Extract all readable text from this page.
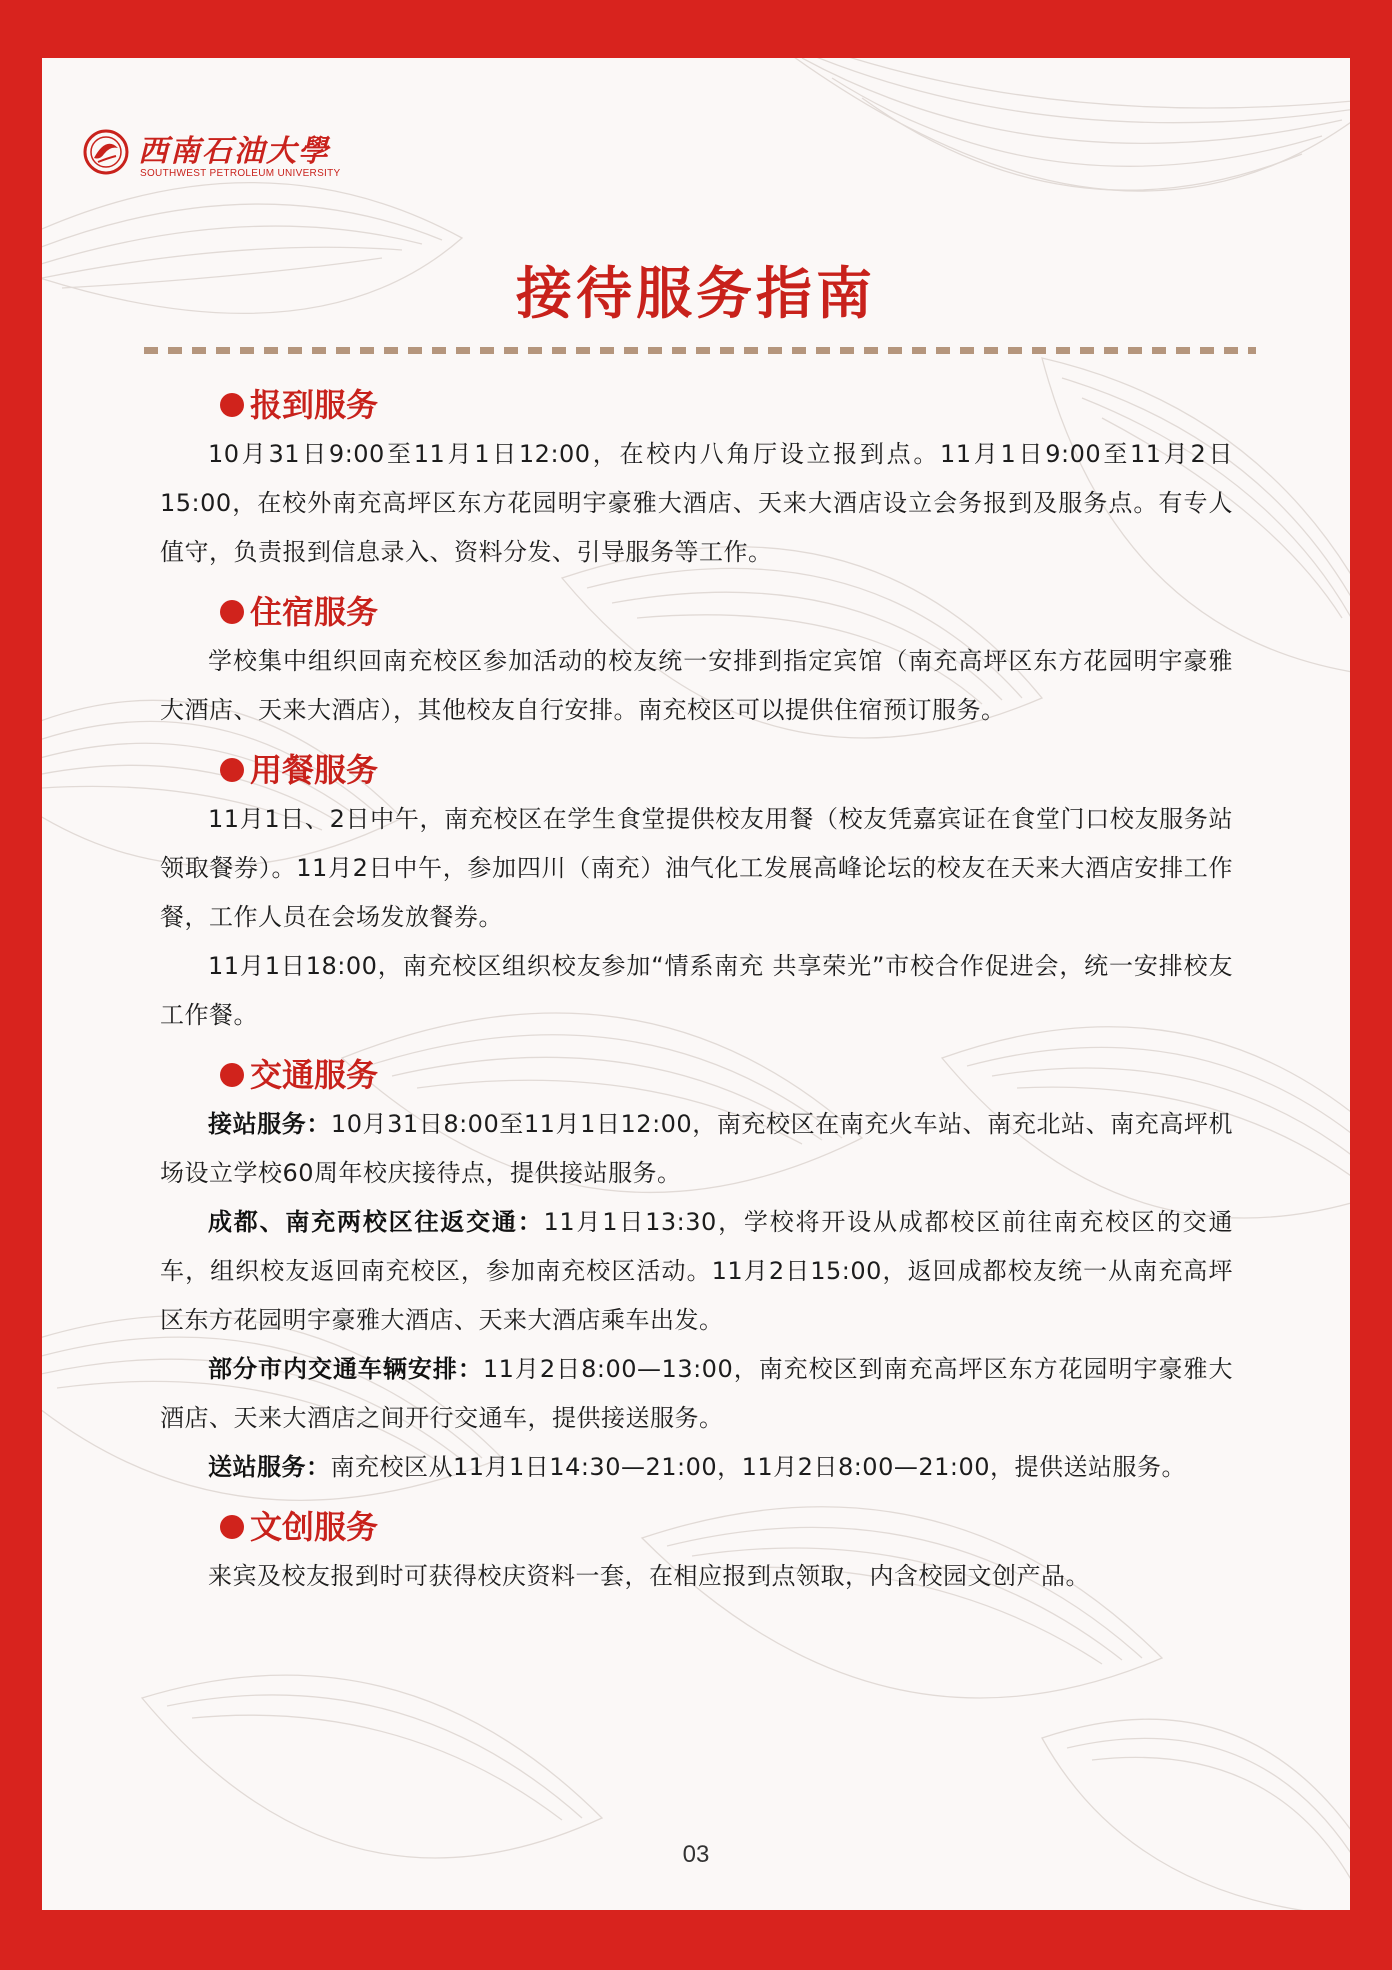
西南石油大學
SOUTHWEST PETROLEUM UNIVERSITY
接待服务指南
报到服务

10月31日9:00至11月1日12:00，在校内八角厅设立报到点。11月1日9:00至11月2日15:00，在校外南充高坪区东方花园明宇豪雅大酒店、天来大酒店设立会务报到及服务点。有专人值守，负责报到信息录入、资料分发、引导服务等工作。

住宿服务

学校集中组织回南充校区参加活动的校友统一安排到指定宾馆（南充高坪区东方花园明宇豪雅大酒店、天来大酒店），其他校友自行安排。南充校区可以提供住宿预订服务。

用餐服务

11月1日、2日中午，南充校区在学生食堂提供校友用餐（校友凭嘉宾证在食堂门口校友服务站领取餐券）。11月2日中午，参加四川（南充）油气化工发展高峰论坛的校友在天来大酒店安排工作餐，工作人员在会场发放餐券。

11月1日18:00，南充校区组织校友参加“情系南充 共享荣光”市校合作促进会，统一安排校友工作餐。

交通服务

接站服务：10月31日8:00至11月1日12:00，南充校区在南充火车站、南充北站、南充高坪机场设立学校60周年校庆接待点，提供接站服务。

成都、南充两校区往返交通：11月1日13:30，学校将开设从成都校区前往南充校区的交通车，组织校友返回南充校区，参加南充校区活动。11月2日15:00，返回成都校友统一从南充高坪区东方花园明宇豪雅大酒店、天来大酒店乘车出发。

部分市内交通车辆安排：11月2日8:00—13:00，南充校区到南充高坪区东方花园明宇豪雅大酒店、天来大酒店之间开行交通车，提供接送服务。

送站服务：南充校区从11月1日14:30—21:00，11月2日8:00—21:00，提供送站服务。

文创服务

来宾及校友报到时可获得校庆资料一套，在相应报到点领取，内含校园文创产品。

03
